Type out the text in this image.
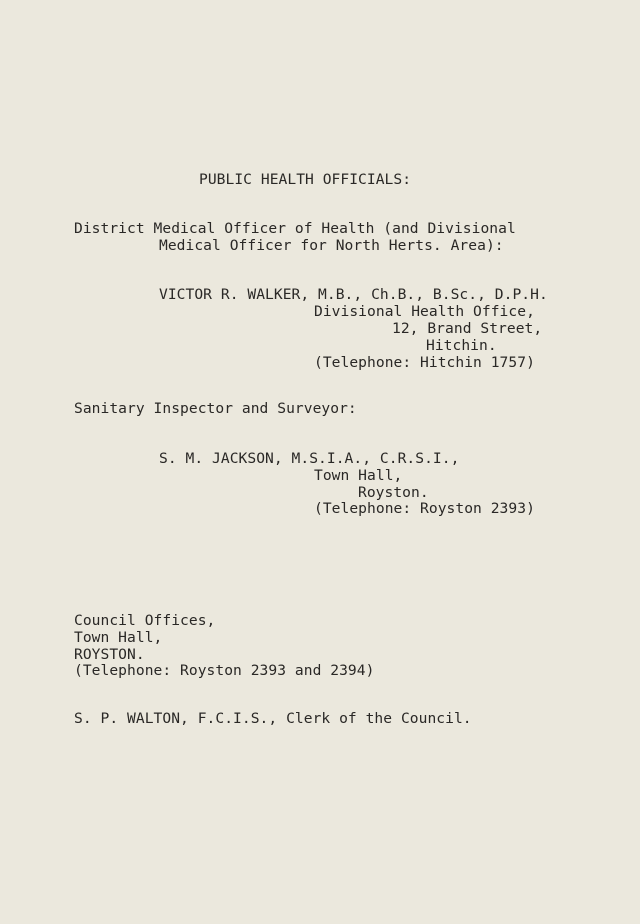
PUBLIC HEALTH OFFICIALS:
District Medical Officer of Health (and Divisional
Medical Officer for North Herts. Area):
VICTOR R. WALKER, M.B., Ch.B., B.Sc., D.P.H.
Divisional Health Office,
12, Brand Street,
Hitchin.
(Telephone: Hitchin 1757)
Sanitary Inspector and Surveyor:
S. M. JACKSON, M.S.I.A., C.R.S.I.,
Town Hall,
Royston.
(Telephone: Royston 2393)
Council Offices,
Town Hall,
ROYSTON.
(Telephone: Royston 2393 and 2394)
S. P. WALTON, F.C.I.S., Clerk of the Council.
